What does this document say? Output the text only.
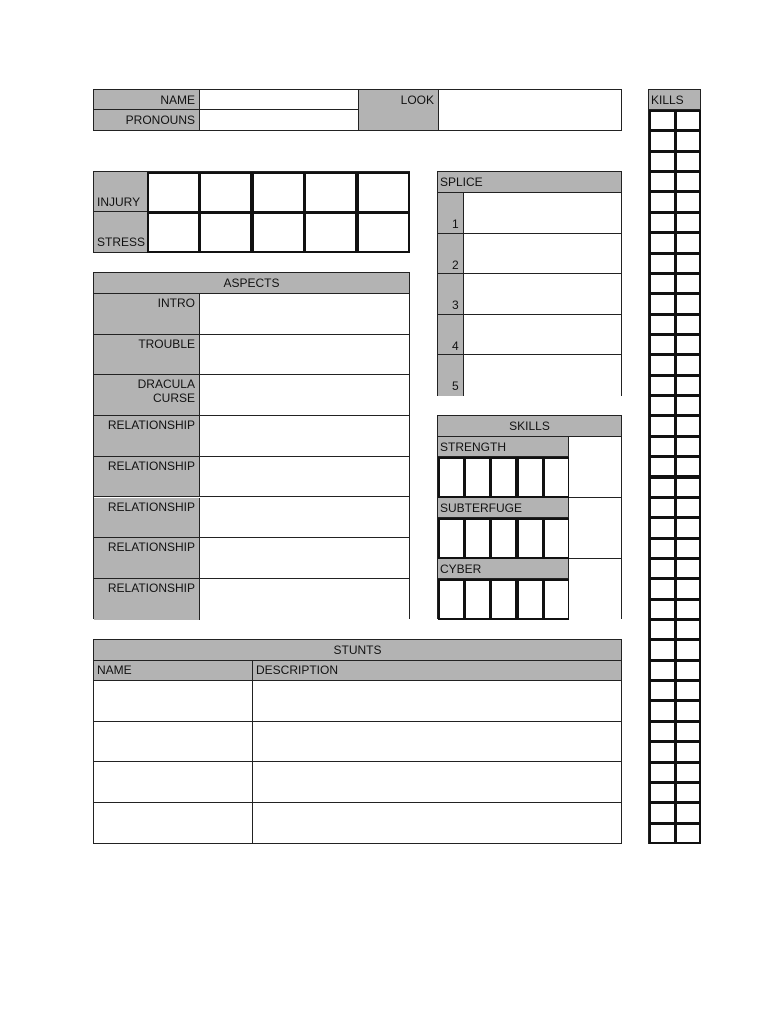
NAME
PRONOUNS
LOOK
INJURY
STRESS
ASPECTS
INTRO
TROUBLE
DRACULA
CURSE
RELATIONSHIP
RELATIONSHIP
RELATIONSHIP
RELATIONSHIP
RELATIONSHIP
SPLICE
1
2
3
4
5
SKILLS
STRENGTH
SUBTERFUGE
CYBER
STUNTS
NAME	DESCRIPTION
KILLS
